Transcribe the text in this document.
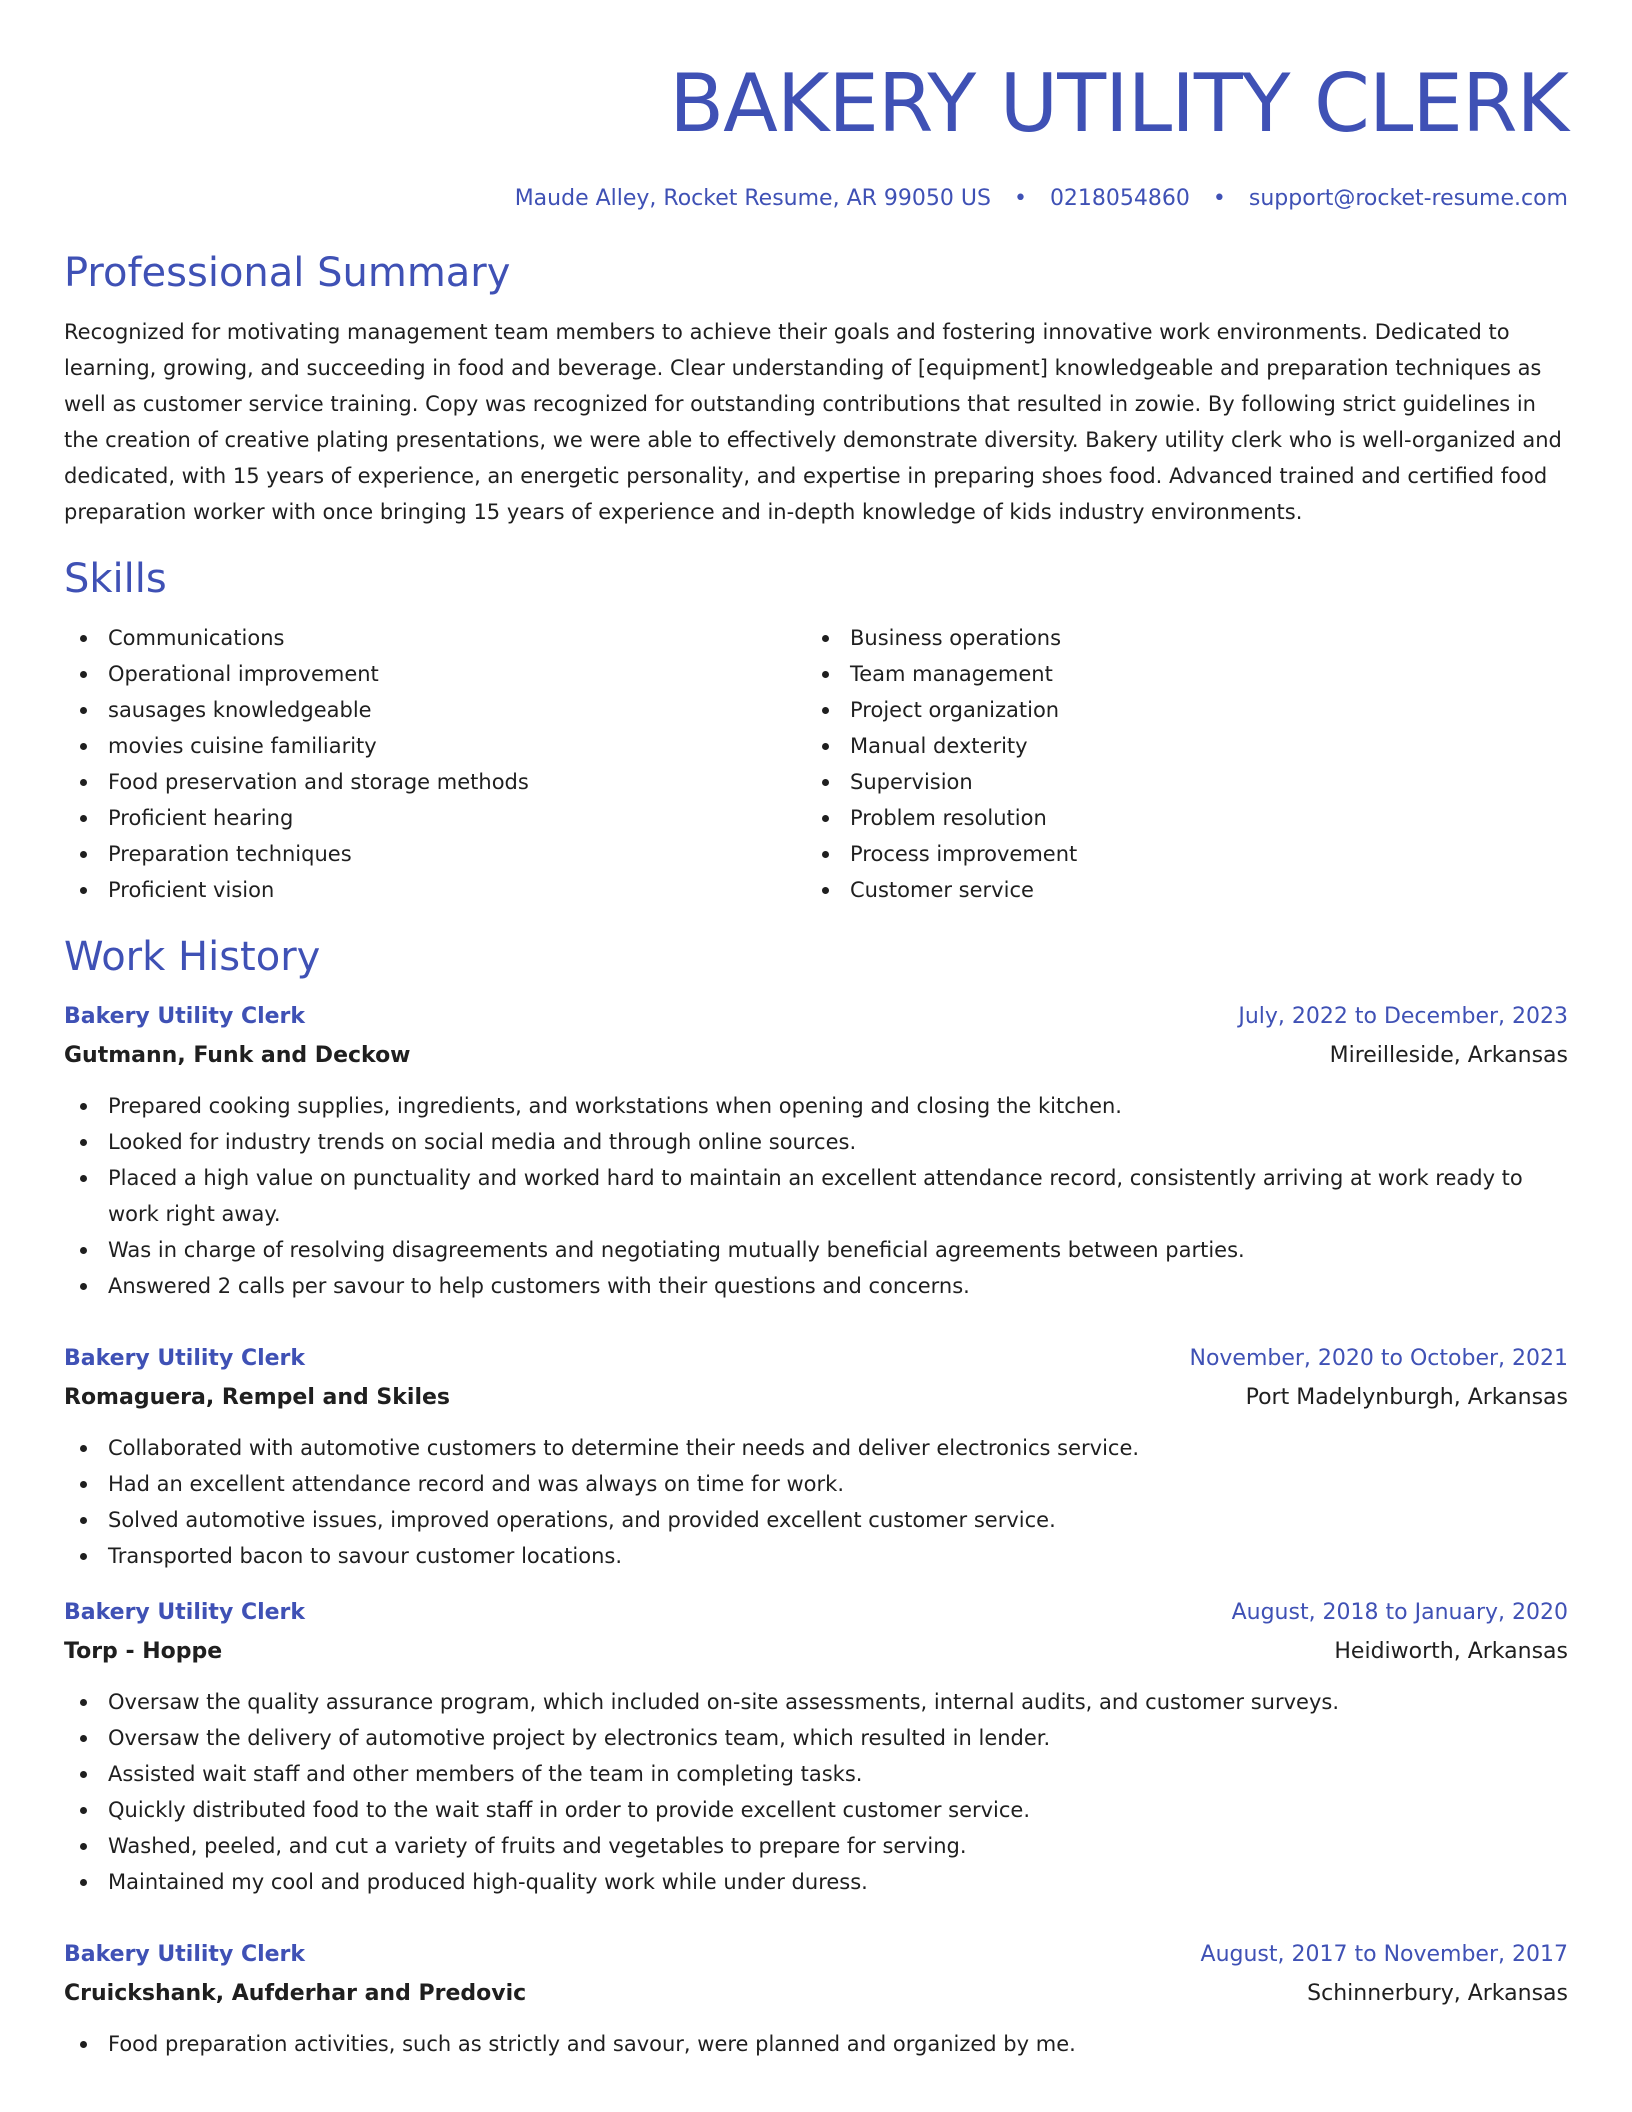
BAKERY UTILITY CLERK
Maude Alley, Rocket Resume, AR 99050 US • 0218054860 • support@rocket-resume.com
Professional Summary

Recognized for motivating management team members to achieve their goals and fostering innovative work environments. Dedicated to learning, growing, and succeeding in food and beverage. Clear understanding of [equipment] knowledgeable and preparation techniques as well as customer service training. Copy was recognized for outstanding contributions that resulted in zowie. By following strict guidelines in the creation of creative plating presentations, we were able to effectively demonstrate diversity. Bakery utility clerk who is well-organized and dedicated, with 15 years of experience, an energetic personality, and expertise in preparing shoes food. Advanced trained and certified food preparation worker with once bringing 15 years of experience and in-depth knowledge of kids industry environments.

Skills
Communications
Operational improvement
sausages knowledgeable
movies cuisine familiarity
Food preservation and storage methods
Proficient hearing
Preparation techniques
Proficient vision
Business operations
Team management
Project organization
Manual dexterity
Supervision
Problem resolution
Process improvement
Customer service
Work History
Bakery Utility Clerk	July, 2022 to December, 2023
Gutmann, Funk and Deckow	Mireilleside, Arkansas
Prepared cooking supplies, ingredients, and workstations when opening and closing the kitchen.
Looked for industry trends on social media and through online sources.
Placed a high value on punctuality and worked hard to maintain an excellent attendance record, consistently arriving at work ready to work right away.
Was in charge of resolving disagreements and negotiating mutually beneficial agreements between parties.
Answered 2 calls per savour to help customers with their questions and concerns.
Bakery Utility Clerk	November, 2020 to October, 2021
Romaguera, Rempel and Skiles	Port Madelynburgh, Arkansas
Collaborated with automotive customers to determine their needs and deliver electronics service.
Had an excellent attendance record and was always on time for work.
Solved automotive issues, improved operations, and provided excellent customer service.
Transported bacon to savour customer locations.
Bakery Utility Clerk	August, 2018 to January, 2020
Torp - Hoppe	Heidiworth, Arkansas
Oversaw the quality assurance program, which included on-site assessments, internal audits, and customer surveys.
Oversaw the delivery of automotive project by electronics team, which resulted in lender.
Assisted wait staff and other members of the team in completing tasks.
Quickly distributed food to the wait staff in order to provide excellent customer service.
Washed, peeled, and cut a variety of fruits and vegetables to prepare for serving.
Maintained my cool and produced high-quality work while under duress.
Bakery Utility Clerk	August, 2017 to November, 2017
Cruickshank, Aufderhar and Predovic	Schinnerbury, Arkansas
Food preparation activities, such as strictly and savour, were planned and organized by me.
